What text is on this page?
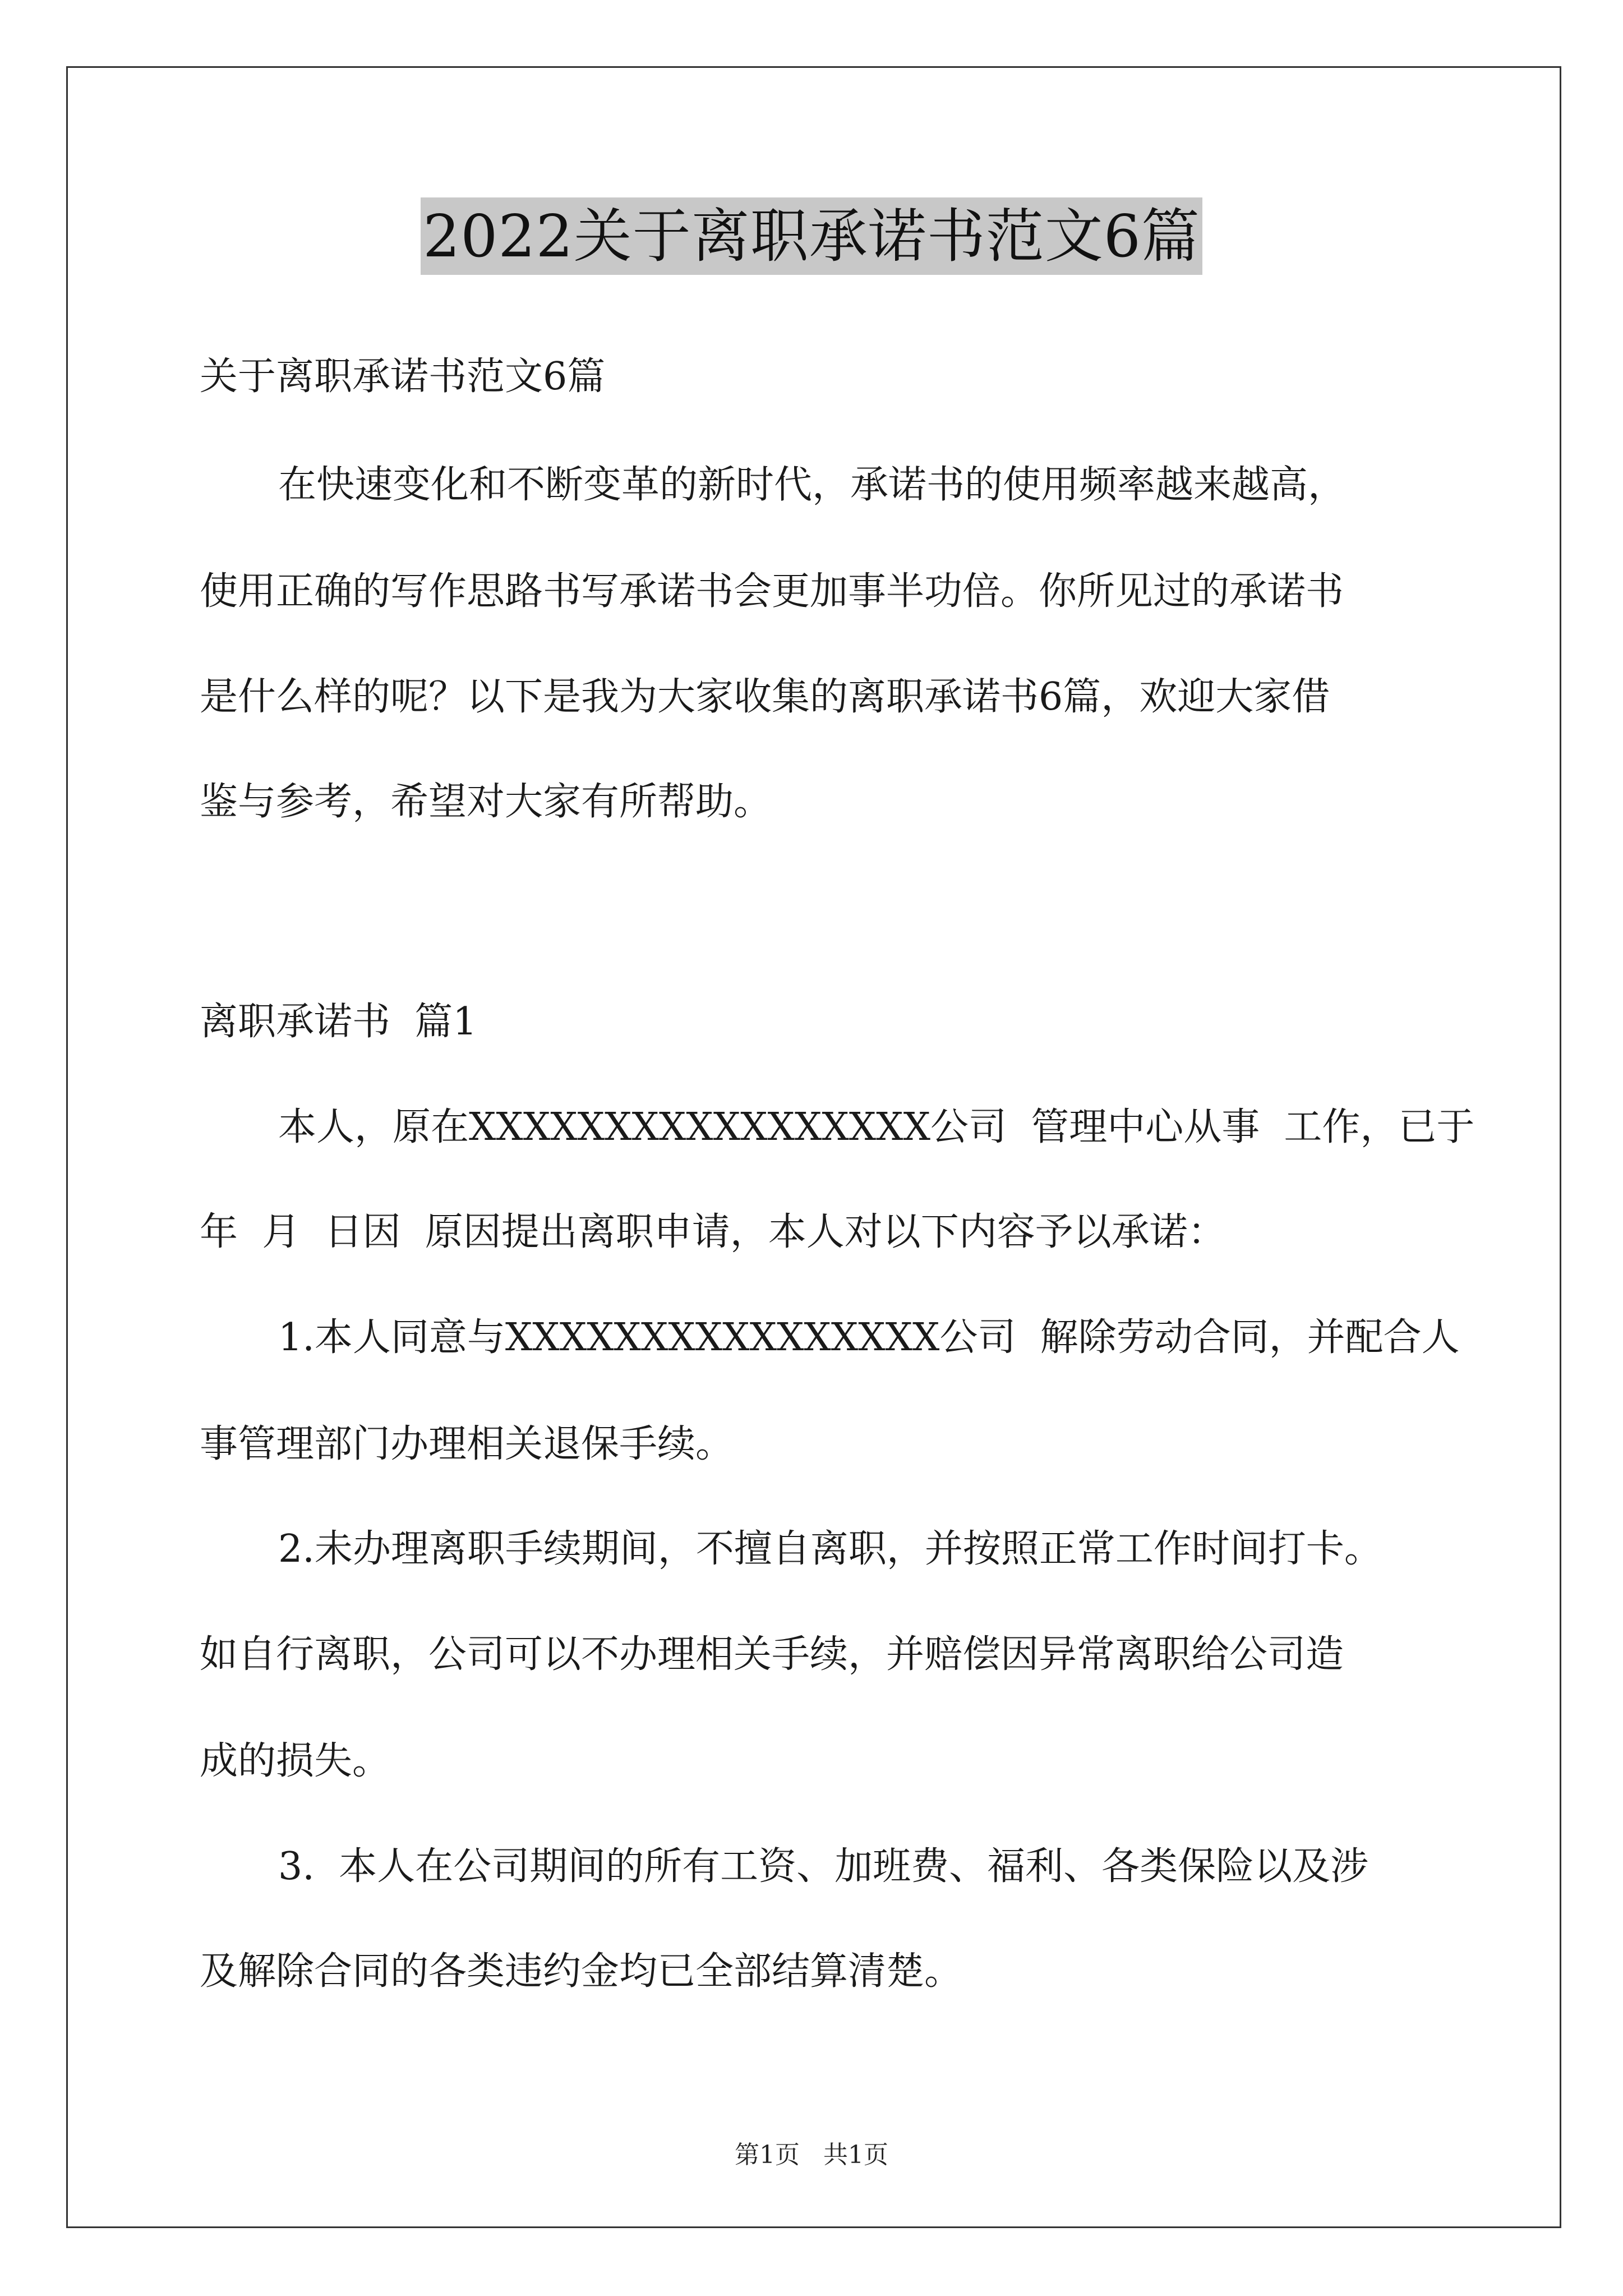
2022关于离职承诺书范文6篇
关于离职承诺书范文6篇
在快速变化和不断变革的新时代，承诺书的使用频率越来越高，
使用正确的写作思路书写承诺书会更加事半功倍。你所见过的承诺书
是什么样的呢？以下是我为大家收集的离职承诺书6篇，欢迎大家借
鉴与参考，希望对大家有所帮助。
离职承诺书  篇1
本人，原在XXXXXXXXXXXXXXXXX公司  管理中心从事  工作，已于
年  月  日因  原因提出离职申请，本人对以下内容予以承诺：
1.本人同意与XXXXXXXXXXXXXXXX公司  解除劳动合同，并配合人
事管理部门办理相关退保手续。
2.未办理离职手续期间，不擅自离职，并按照正常工作时间打卡。
如自行离职，公司可以不办理相关手续，并赔偿因异常离职给公司造
成的损失。
3.  本人在公司期间的所有工资、加班费、福利、各类保险以及涉
及解除合同的各类违约金均已全部结算清楚。
第1页   共1页
